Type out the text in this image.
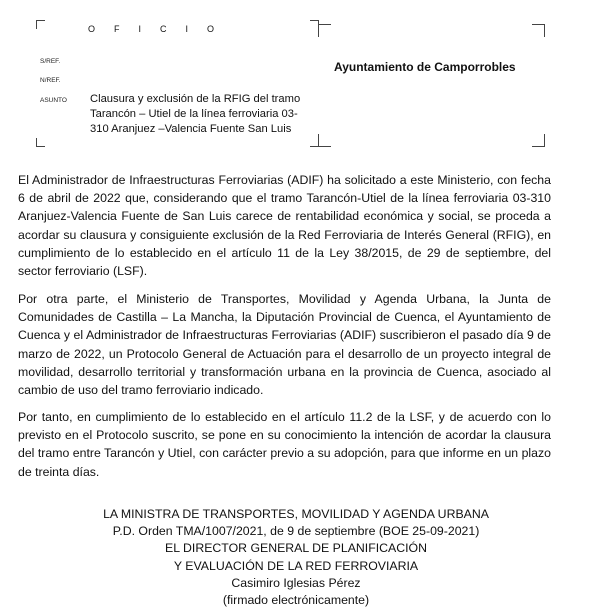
OFICIO
S/REF.
N/REF.
ASUNTO Clausura y exclusión de la RFIG del tramo Tarancón – Utiel de la línea ferroviaria 03-310 Aranjuez –Valencia Fuente San Luis
Ayuntamiento de Camporrobles

El Administrador de Infraestructuras Ferroviarias (ADIF) ha solicitado a este Ministerio, con fecha 6 de abril de 2022 que, considerando que el tramo Tarancón-Utiel de la línea ferroviaria 03-310 Aranjuez-Valencia Fuente de San Luis carece de rentabilidad económica y social, se proceda a acordar su clausura y consiguiente exclusión de la Red Ferroviaria de Interés General (RFIG), en cumplimiento de lo establecido en el artículo 11 de la Ley 38/2015, de 29 de septiembre, del sector ferroviario (LSF).

Por otra parte, el Ministerio de Transportes, Movilidad y Agenda Urbana, la Junta de Comunidades de Castilla – La Mancha, la Diputación Provincial de Cuenca, el Ayuntamiento de Cuenca y el Administrador de Infraestructuras Ferroviarias (ADIF) suscribieron el pasado día 9 de marzo de 2022, un Protocolo General de Actuación para el desarrollo de un proyecto integral de movilidad, desarrollo territorial y transformación urbana en la provincia de Cuenca, asociado al cambio de uso del tramo ferroviario indicado.

Por tanto, en cumplimiento de lo establecido en el artículo 11.2 de la LSF, y de acuerdo con lo previsto en el Protocolo suscrito, se pone en su conocimiento la intención de acordar la clausura del tramo entre Tarancón y Utiel, con carácter previo a su adopción, para que informe en un plazo de treinta días.

LA MINISTRA DE TRANSPORTES, MOVILIDAD Y AGENDA URBANA
P.D. Orden TMA/1007/2021, de 9 de septiembre (BOE 25-09-2021)
EL DIRECTOR GENERAL DE PLANIFICACIÓN
Y EVALUACIÓN DE LA RED FERROVIARIA
Casimiro Iglesias Pérez
(firmado electrónicamente)
